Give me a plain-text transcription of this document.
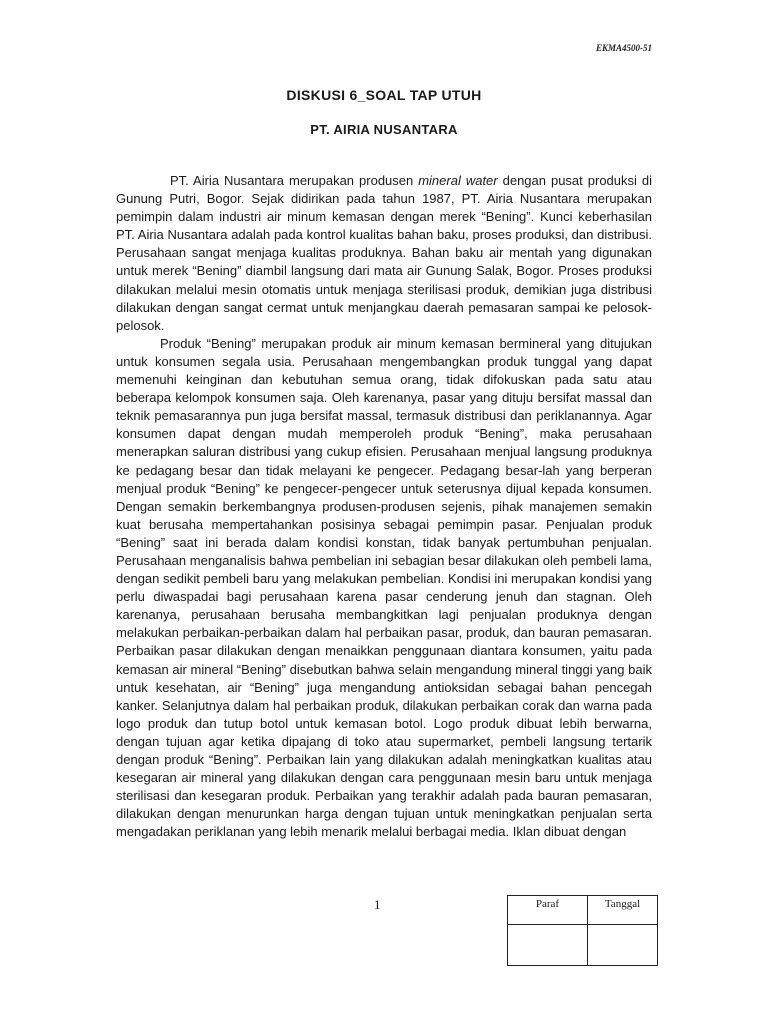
EKMA4500-51
DISKUSI 6_SOAL TAP UTUH
PT. AIRIA NUSANTARA

PT. Airia Nusantara merupakan produsen mineral water dengan pusat produksi di Gunung Putri, Bogor. Sejak didirikan pada tahun 1987, PT. Airia Nusantara merupakan pemimpin dalam industri air minum kemasan dengan merek “Bening”. Kunci keberhasilan PT. Airia Nusantara adalah pada kontrol kualitas bahan baku, proses produksi, dan distribusi. Perusahaan sangat menjaga kualitas produknya. Bahan baku air mentah yang digunakan untuk merek “Bening” diambil langsung dari mata air Gunung Salak, Bogor. Proses produksi dilakukan melalui mesin otomatis untuk menjaga sterilisasi produk, demikian juga distribusi dilakukan dengan sangat cermat untuk menjangkau daerah pemasaran sampai ke pelosok-pelosok.

Produk “Bening” merupakan produk air minum kemasan bermineral yang ditujukan untuk konsumen segala usia. Perusahaan mengembangkan produk tunggal yang dapat memenuhi keinginan dan kebutuhan semua orang, tidak difokuskan pada satu atau beberapa kelompok konsumen saja. Oleh karenanya, pasar yang dituju bersifat massal dan teknik pemasarannya pun juga bersifat massal, termasuk distribusi dan periklanannya. Agar konsumen dapat dengan mudah memperoleh produk “Bening”, maka perusahaan menerapkan saluran distribusi yang cukup efisien. Perusahaan menjual langsung produknya ke pedagang besar dan tidak melayani ke pengecer. Pedagang besar-lah yang berperan menjual produk “Bening” ke pengecer-pengecer untuk seterusnya dijual kepada konsumen. Dengan semakin berkembangnya produsen-produsen sejenis, pihak manajemen semakin kuat berusaha mempertahankan posisinya sebagai pemimpin pasar. Penjualan produk “Bening” saat ini berada dalam kondisi konstan, tidak banyak pertumbuhan penjualan. Perusahaan menganalisis bahwa pembelian ini sebagian besar dilakukan oleh pembeli lama, dengan sedikit pembeli baru yang melakukan pembelian. Kondisi ini merupakan kondisi yang perlu diwaspadai bagi perusahaan karena pasar cenderung jenuh dan stagnan. Oleh karenanya, perusahaan berusaha membangkitkan lagi penjualan produknya dengan melakukan perbaikan-perbaikan dalam hal perbaikan pasar, produk, dan bauran pemasaran. Perbaikan pasar dilakukan dengan menaikkan penggunaan diantara konsumen, yaitu pada kemasan air mineral “Bening” disebutkan bahwa selain mengandung mineral tinggi yang baik untuk kesehatan, air “Bening” juga mengandung antioksidan sebagai bahan pencegah kanker. Selanjutnya dalam hal perbaikan produk, dilakukan perbaikan corak dan warna pada logo produk dan tutup botol untuk kemasan botol. Logo produk dibuat lebih berwarna, dengan tujuan agar ketika dipajang di toko atau supermarket, pembeli langsung tertarik dengan produk “Bening”. Perbaikan lain yang dilakukan adalah meningkatkan kualitas atau kesegaran air mineral yang dilakukan dengan cara penggunaan mesin baru untuk menjaga sterilisasi dan kesegaran produk. Perbaikan yang terakhir adalah pada bauran pemasaran, dilakukan dengan menurunkan harga dengan tujuan untuk meningkatkan penjualan serta mengadakan periklanan yang lebih menarik melalui berbagai media. Iklan dibuat dengan

1	Paraf	Tanggal
